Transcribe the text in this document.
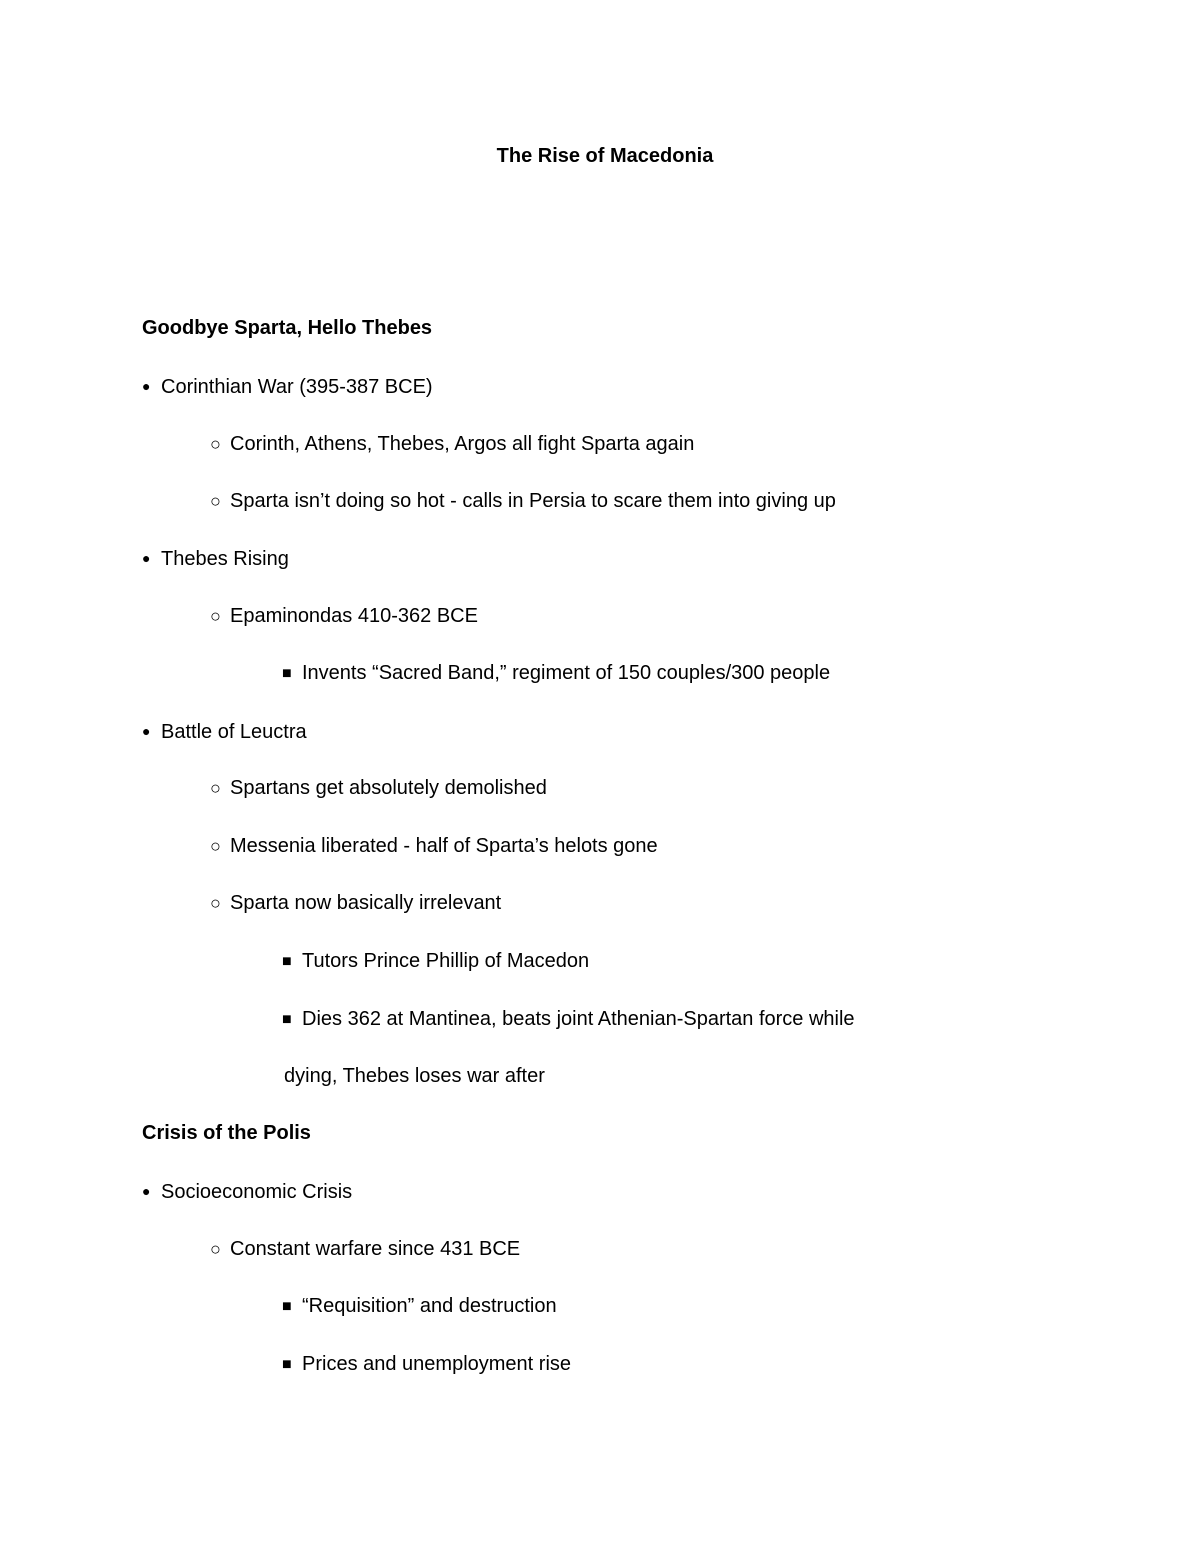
The Rise of Macedonia
Goodbye Sparta, Hello Thebes
● Corinthian War (395-387 BCE)
○ Corinth, Athens, Thebes, Argos all fight Sparta again
○ Sparta isn’t doing so hot - calls in Persia to scare them into giving up
● Thebes Rising
○ Epaminondas 410-362 BCE
■ Invents “Sacred Band,” regiment of 150 couples/300 people
● Battle of Leuctra
○ Spartans get absolutely demolished
○ Messenia liberated - half of Sparta’s helots gone
○ Sparta now basically irrelevant
■ Tutors Prince Phillip of Macedon
■ Dies 362 at Mantinea, beats joint Athenian-Spartan force while
dying, Thebes loses war after
Crisis of the Polis
● Socioeconomic Crisis
○ Constant warfare since 431 BCE
■ “Requisition” and destruction
■ Prices and unemployment rise
